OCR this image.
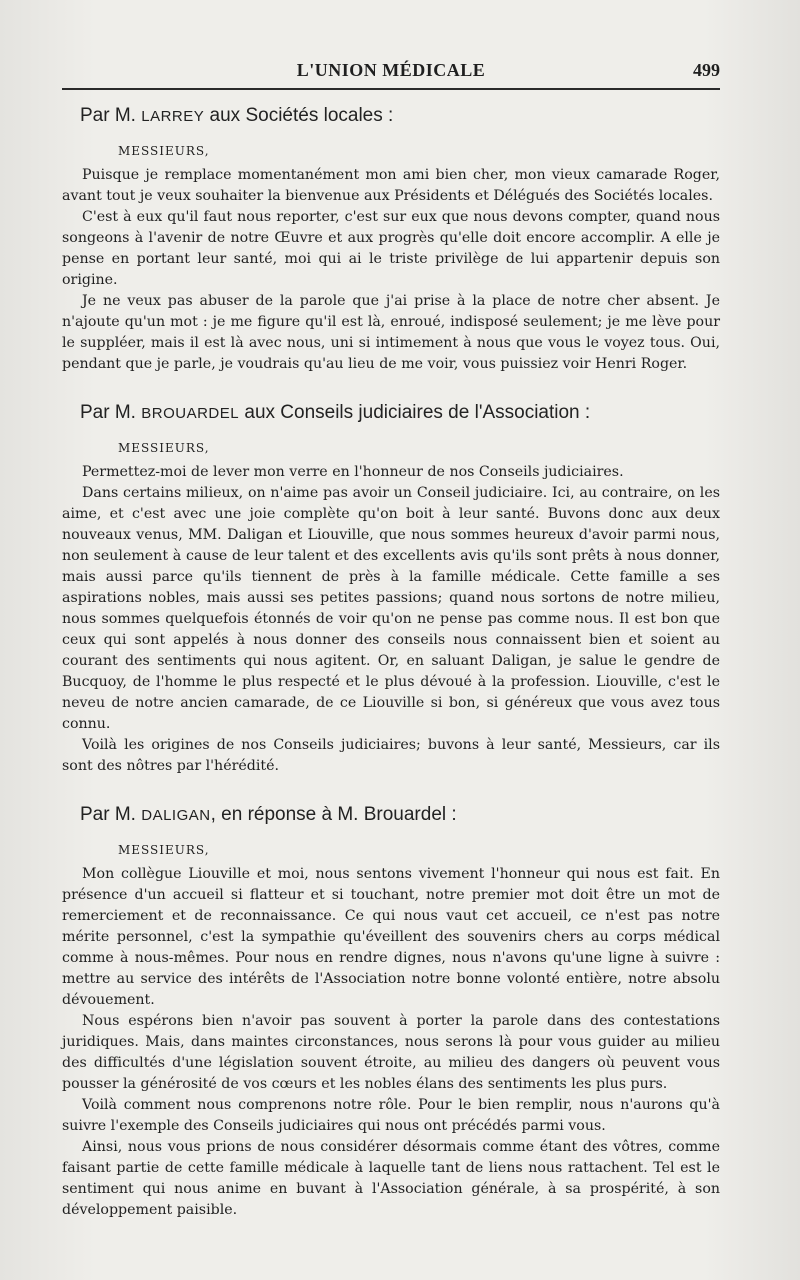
L'UNION MÉDICALE	499
Par M. LARREY aux Sociétés locales :
MESSIEURS,

Puisque je remplace momentanément mon ami bien cher, mon vieux camarade Roger, avant tout je veux souhaiter la bienvenue aux Présidents et Délégués des Sociétés locales.

C'est à eux qu'il faut nous reporter, c'est sur eux que nous devons compter, quand nous songeons à l'avenir de notre Œuvre et aux progrès qu'elle doit encore accomplir. A elle je pense en portant leur santé, moi qui ai le triste privilège de lui appartenir depuis son origine.

Je ne veux pas abuser de la parole que j'ai prise à la place de notre cher absent. Je n'ajoute qu'un mot : je me figure qu'il est là, enroué, indisposé seulement; je me lève pour le suppléer, mais il est là avec nous, uni si intimement à nous que vous le voyez tous. Oui, pendant que je parle, je voudrais qu'au lieu de me voir, vous puissiez voir Henri Roger.

Par M. BROUARDEL aux Conseils judiciaires de l'Association :
MESSIEURS,

Permettez-moi de lever mon verre en l'honneur de nos Conseils judiciaires.

Dans certains milieux, on n'aime pas avoir un Conseil judiciaire. Ici, au contraire, on les aime, et c'est avec une joie complète qu'on boit à leur santé. Buvons donc aux deux nouveaux venus, MM. Daligan et Liouville, que nous sommes heureux d'avoir parmi nous, non seulement à cause de leur talent et des excellents avis qu'ils sont prêts à nous donner, mais aussi parce qu'ils tiennent de près à la famille médicale. Cette famille a ses aspirations nobles, mais aussi ses petites passions; quand nous sortons de notre milieu, nous sommes quelquefois étonnés de voir qu'on ne pense pas comme nous. Il est bon que ceux qui sont appelés à nous donner des conseils nous connaissent bien et soient au courant des sentiments qui nous agitent. Or, en saluant Daligan, je salue le gendre de Bucquoy, de l'homme le plus respecté et le plus dévoué à la profession. Liouville, c'est le neveu de notre ancien camarade, de ce Liouville si bon, si généreux que vous avez tous connu.

Voilà les origines de nos Conseils judiciaires; buvons à leur santé, Messieurs, car ils sont des nôtres par l'hérédité.

Par M. DALIGAN, en réponse à M. Brouardel :
MESSIEURS,

Mon collègue Liouville et moi, nous sentons vivement l'honneur qui nous est fait. En présence d'un accueil si flatteur et si touchant, notre premier mot doit être un mot de remerciement et de reconnaissance. Ce qui nous vaut cet accueil, ce n'est pas notre mérite personnel, c'est la sympathie qu'éveillent des souvenirs chers au corps médical comme à nous-mêmes. Pour nous en rendre dignes, nous n'avons qu'une ligne à suivre : mettre au service des intérêts de l'Association notre bonne volonté entière, notre absolu dévouement.

Nous espérons bien n'avoir pas souvent à porter la parole dans des contestations juridiques. Mais, dans maintes circonstances, nous serons là pour vous guider au milieu des difficultés d'une législation souvent étroite, au milieu des dangers où peuvent vous pousser la générosité de vos cœurs et les nobles élans des sentiments les plus purs.

Voilà comment nous comprenons notre rôle. Pour le bien remplir, nous n'aurons qu'à suivre l'exemple des Conseils judiciaires qui nous ont précédés parmi vous.

Ainsi, nous vous prions de nous considérer désormais comme étant des vôtres, comme faisant partie de cette famille médicale à laquelle tant de liens nous rattachent. Tel est le sentiment qui nous anime en buvant à l'Association générale, à sa prospérité, à son développement paisible.
